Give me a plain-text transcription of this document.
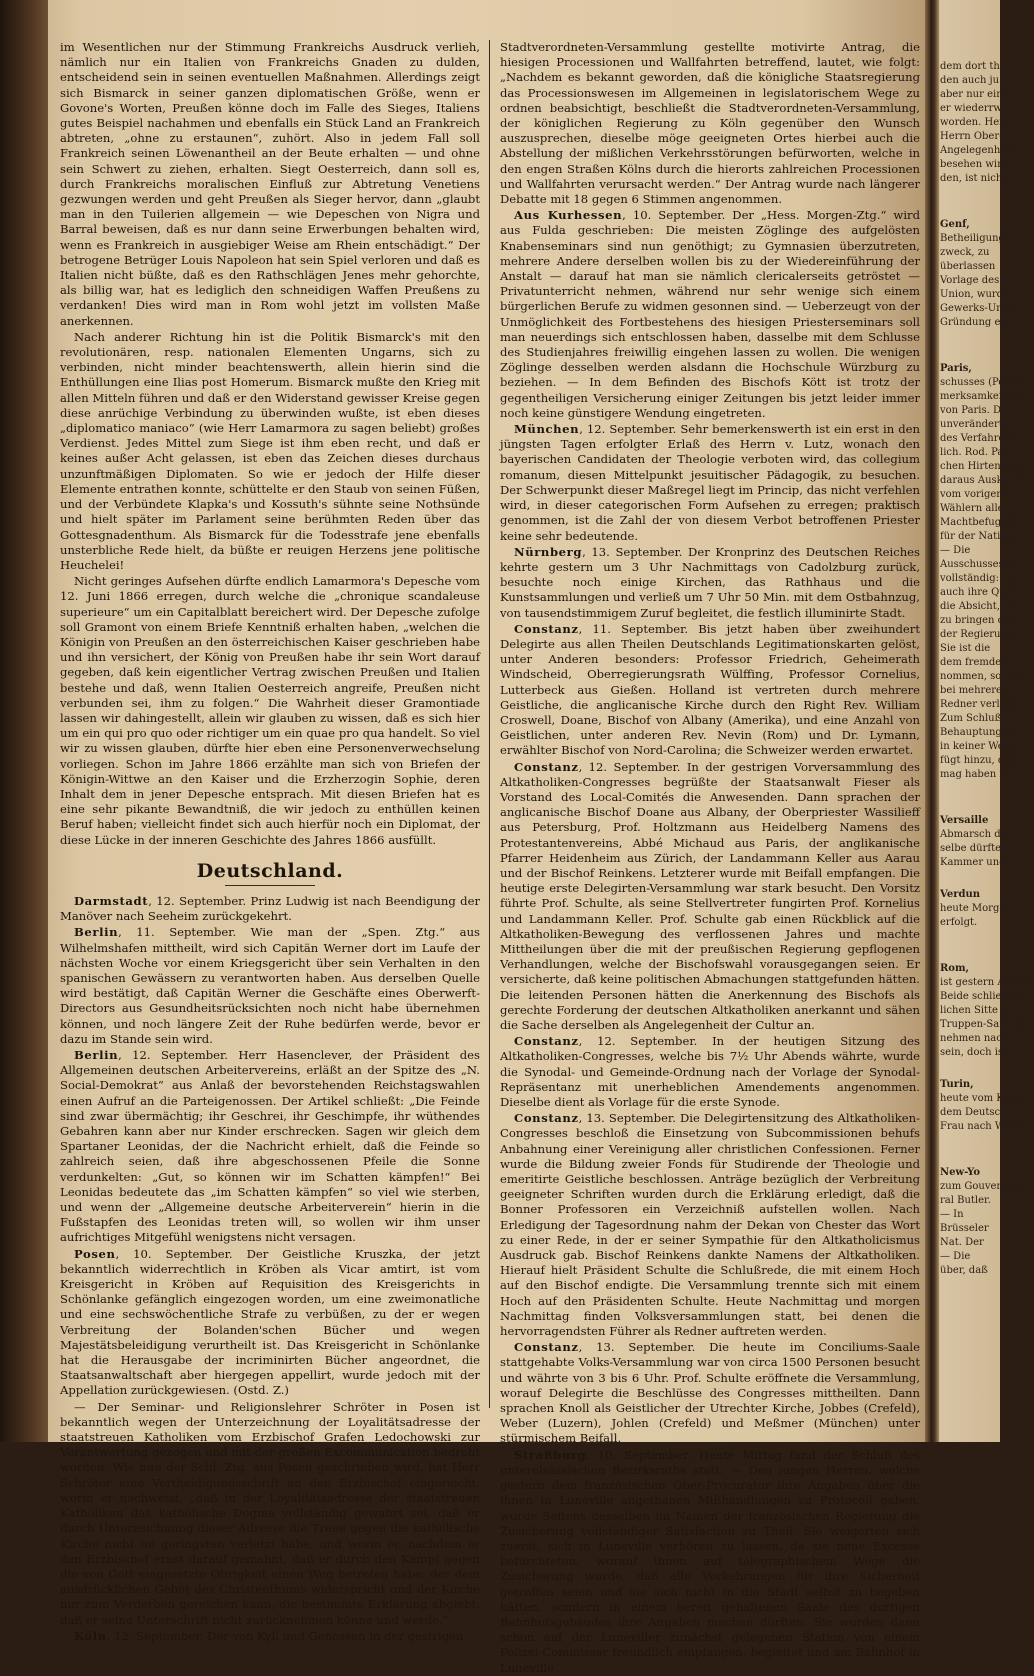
im Wesentlichen nur der Stimmung Frankreichs Ausdruck verlieh, nämlich nur ein Italien von Frankreichs Gnaden zu dulden, entscheidend sein in seinen eventuellen Maßnahmen. Allerdings zeigt sich Bismarck in seiner ganzen diplomatischen Größe, wenn er Govone's Worten, Preußen könne doch im Falle des Sieges, Italiens gutes Beispiel nachahmen und ebenfalls ein Stück Land an Frankreich abtreten, „ohne zu erstaunen“, zuhört. Also in jedem Fall soll Frankreich seinen Löwenantheil an der Beute erhalten — und ohne sein Schwert zu ziehen, erhalten. Siegt Oesterreich, dann soll es, durch Frankreichs moralischen Einfluß zur Abtretung Venetiens gezwungen werden und geht Preußen als Sieger hervor, dann „glaubt man in den Tuilerien allgemein — wie Depeschen von Nigra und Barral beweisen, daß es nur dann seine Erwerbungen behalten wird, wenn es Frankreich in ausgiebiger Weise am Rhein entschädigt.“ Der betrogene Betrüger Louis Napoleon hat sein Spiel verloren und daß es Italien nicht büßte, daß es den Rathschlägen Jenes mehr gehorchte, als billig war, hat es lediglich den schneidigen Waffen Preußens zu verdanken! Dies wird man in Rom wohl jetzt im vollsten Maße anerkennen.

Nach anderer Richtung hin ist die Politik Bismarck's mit den revolutionären, resp. nationalen Elementen Ungarns, sich zu verbinden, nicht minder beachtenswerth, allein hierin sind die Enthüllungen eine Ilias post Homerum. Bismarck mußte den Krieg mit allen Mitteln führen und daß er den Widerstand gewisser Kreise gegen diese anrüchige Verbindung zu überwinden wußte, ist eben dieses „diplomatico maniaco“ (wie Herr Lamarmora zu sagen beliebt) großes Verdienst. Jedes Mittel zum Siege ist ihm eben recht, und daß er keines außer Acht gelassen, ist eben das Zeichen dieses durchaus unzunftmäßigen Diplomaten. So wie er jedoch der Hilfe dieser Elemente entrathen konnte, schüttelte er den Staub von seinen Füßen, und der Verbündete Klapka's und Kossuth's sühnte seine Nothsünde und hielt später im Parlament seine berühmten Reden über das Gottesgnadenthum. Als Bismarck für die Todesstrafe jene ebenfalls unsterbliche Rede hielt, da büßte er reuigen Herzens jene politische Heuchelei!

Nicht geringes Aufsehen dürfte endlich Lamarmora's Depesche vom 12. Juni 1866 erregen, durch welche die „chronique scandaleuse superieure“ um ein Capitalblatt bereichert wird. Der Depesche zufolge soll Gramont von einem Briefe Kenntniß erhalten haben, „welchen die Königin von Preußen an den österreichischen Kaiser geschrieben habe und ihn versichert, der König von Preußen habe ihr sein Wort darauf gegeben, daß kein eigentlicher Vertrag zwischen Preußen und Italien bestehe und daß, wenn Italien Oesterreich angreife, Preußen nicht verbunden sei, ihm zu folgen.“ Die Wahrheit dieser Gramontiade lassen wir dahingestellt, allein wir glauben zu wissen, daß es sich hier um ein qui pro quo oder richtiger um ein quae pro qua handelt. So viel wir zu wissen glauben, dürfte hier eben eine Personenverwechselung vorliegen. Schon im Jahre 1866 erzählte man sich von Briefen der Königin-Wittwe an den Kaiser und die Erzherzogin Sophie, deren Inhalt dem in jener Depesche entsprach. Mit diesen Briefen hat es eine sehr pikante Bewandtniß, die wir jedoch zu enthüllen keinen Beruf haben; vielleicht findet sich auch hierfür noch ein Diplomat, der diese Lücke in der inneren Geschichte des Jahres 1866 ausfüllt.

Deutschland.

Darmstadt, 12. September. Prinz Ludwig ist nach Beendigung der Manöver nach Seeheim zurückgekehrt.

Berlin, 11. September. Wie man der „Spen. Ztg.“ aus Wilhelmshafen mittheilt, wird sich Capitän Werner dort im Laufe der nächsten Woche vor einem Kriegsgericht über sein Verhalten in den spanischen Gewässern zu verantworten haben. Aus derselben Quelle wird bestätigt, daß Capitän Werner die Geschäfte eines Oberwerft-Directors aus Gesundheitsrücksichten noch nicht habe übernehmen können, und noch längere Zeit der Ruhe bedürfen werde, bevor er dazu im Stande sein wird.

Berlin, 12. September. Herr Hasenclever, der Präsident des Allgemeinen deutschen Arbeitervereins, erläßt an der Spitze des „N. Social-Demokrat“ aus Anlaß der bevorstehenden Reichstagswahlen einen Aufruf an die Parteigenossen. Der Artikel schließt: „Die Feinde sind zwar übermächtig; ihr Geschrei, ihr Geschimpfe, ihr wüthendes Gebahren kann aber nur Kinder erschrecken. Sagen wir gleich dem Spartaner Leonidas, der die Nachricht erhielt, daß die Feinde so zahlreich seien, daß ihre abgeschossenen Pfeile die Sonne verdunkelten: „Gut, so können wir im Schatten kämpfen!“ Bei Leonidas bedeutete das „im Schatten kämpfen“ so viel wie sterben, und wenn der „Allgemeine deutsche Arbeiterverein“ hierin in die Fußstapfen des Leonidas treten will, so wollen wir ihm unser aufrichtiges Mitgefühl wenigstens nicht versagen.

Posen, 10. September. Der Geistliche Kruszka, der jetzt bekanntlich widerrechtlich in Kröben als Vicar amtirt, ist vom Kreisgericht in Kröben auf Requisition des Kreisgerichts in Schönlanke gefänglich eingezogen worden, um eine zweimonatliche und eine sechswöchentliche Strafe zu verbüßen, zu der er wegen Verbreitung der Bolanden'schen Bücher und wegen Majestätsbeleidigung verurtheilt ist. Das Kreisgericht in Schönlanke hat die Herausgabe der incriminirten Bücher angeordnet, die Staatsanwaltschaft aber hiergegen appellirt, wurde jedoch mit der Appellation zurückgewiesen. (Ostd. Z.)

— Der Seminar- und Religionslehrer Schröter in Posen ist bekanntlich wegen der Unterzeichnung der Loyalitätsadresse der staatstreuen Katholiken vom Erzbischof Grafen Ledochowski zur Verantwortung gezogen und mit der großen Excommunication bedroht worden. Wie nun der Schl. Ztg. aus Posen geschrieben wird, hat Herr Schröter eine Vertheidigungsschrift an den Erzbischof eingereicht, worin er nachweist, „daß in der Loyalitätsadresse der staatstreuen Katholiken das katholische Dogma vollständig gewahrt sei, daß er durch Unterzeichnung dieser Adresse die Treue gegen die katholische Kirche nicht im geringsten verletzt habe, und worin er, nachdem er den Erzbischof ernst darauf gemahnt, daß er durch den Kampf gegen die von Gott eingesetzte Obrigkeit einen Weg betreten habe, der dem ausdrücklichen Gebot des Christenthums widerspricht und der Kirche nur zum Verderben gereichen kann, die bestimmte Erklärung abgiebt, daß er seine Unterschrift nicht zurücknehmen könne und werde.“

Köln, 12. September. Der von Kyll und Genossen in der gestrigen

Stadtverordneten-Versammlung gestellte motivirte Antrag, die hiesigen Processionen und Wallfahrten betreffend, lautet, wie folgt: „Nachdem es bekannt geworden, daß die königliche Staatsregierung das Processionswesen im Allgemeinen in legislatorischem Wege zu ordnen beabsichtigt, beschließt die Stadtverordneten-Versammlung, der königlichen Regierung zu Köln gegenüber den Wunsch auszusprechen, dieselbe möge geeigneten Ortes hierbei auch die Abstellung der mißlichen Verkehrsstörungen befürworten, welche in den engen Straßen Kölns durch die hierorts zahlreichen Processionen und Wallfahrten verursacht werden.“ Der Antrag wurde nach längerer Debatte mit 18 gegen 6 Stimmen angenommen.

Aus Kurhessen, 10. September. Der „Hess. Morgen-Ztg.“ wird aus Fulda geschrieben: Die meisten Zöglinge des aufgelösten Knabenseminars sind nun genöthigt; zu Gymnasien überzutreten, mehrere Andere derselben wollen bis zu der Wiedereinführung der Anstalt — darauf hat man sie nämlich clericalerseits getröstet — Privatunterricht nehmen, während nur sehr wenige sich einem bürgerlichen Berufe zu widmen gesonnen sind. — Ueberzeugt von der Unmöglichkeit des Fortbestehens des hiesigen Priesterseminars soll man neuerdings sich entschlossen haben, dasselbe mit dem Schlusse des Studienjahres freiwillig eingehen lassen zu wollen. Die wenigen Zöglinge desselben werden alsdann die Hochschule Würzburg zu beziehen. — In dem Befinden des Bischofs Kött ist trotz der gegentheiligen Versicherung einiger Zeitungen bis jetzt leider immer noch keine günstigere Wendung eingetreten.

München, 12. September. Sehr bemerkenswerth ist ein erst in den jüngsten Tagen erfolgter Erlaß des Herrn v. Lutz, wonach den bayerischen Candidaten der Theologie verboten wird, das collegium romanum, diesen Mittelpunkt jesuitischer Pädagogik, zu besuchen. Der Schwerpunkt dieser Maßregel liegt im Princip, das nicht verfehlen wird, in dieser categorischen Form Aufsehen zu erregen; praktisch genommen, ist die Zahl der von diesem Verbot betroffenen Priester keine sehr bedeutende.

Nürnberg, 13. September. Der Kronprinz des Deutschen Reiches kehrte gestern um 3 Uhr Nachmittags von Cadolzburg zurück, besuchte noch einige Kirchen, das Rathhaus und die Kunstsammlungen und verließ um 7 Uhr 50 Min. mit dem Ostbahnzug, von tausendstimmigem Zuruf begleitet, die festlich illuminirte Stadt.

Constanz, 11. September. Bis jetzt haben über zweihundert Delegirte aus allen Theilen Deutschlands Legitimationskarten gelöst, unter Anderen besonders: Professor Friedrich, Geheimerath Windscheid, Oberregierungsrath Wülffing, Professor Cornelius, Lutterbeck aus Gießen. Holland ist vertreten durch mehrere Geistliche, die anglicanische Kirche durch den Right Rev. William Croswell, Doane, Bischof von Albany (Amerika), und eine Anzahl von Geistlichen, unter anderen Rev. Nevin (Rom) und Dr. Lymann, erwählter Bischof von Nord-Carolina; die Schweizer werden erwartet.

Constanz, 12. September. In der gestrigen Vorversammlung des Altkatholiken-Congresses begrüßte der Staatsanwalt Fieser als Vorstand des Local-Comités die Anwesenden. Dann sprachen der anglicanische Bischof Doane aus Albany, der Oberpriester Wassilieff aus Petersburg, Prof. Holtzmann aus Heidelberg Namens des Protestantenvereins, Abbé Michaud aus Paris, der anglikanische Pfarrer Heidenheim aus Zürich, der Landammann Keller aus Aarau und der Bischof Reinkens. Letzterer wurde mit Beifall empfangen. Die heutige erste Delegirten-Versammlung war stark besucht. Den Vorsitz führte Prof. Schulte, als seine Stellvertreter fungirten Prof. Kornelius und Landammann Keller. Prof. Schulte gab einen Rückblick auf die Altkatholiken-Bewegung des verflossenen Jahres und machte Mittheilungen über die mit der preußischen Regierung gepflogenen Verhandlungen, welche der Bischofswahl vorausgegangen seien. Er versicherte, daß keine politischen Abmachungen stattgefunden hätten. Die leitenden Personen hätten die Anerkennung des Bischofs als gerechte Forderung der deutschen Altkatholiken anerkannt und sähen die Sache derselben als Angelegenheit der Cultur an.

Constanz, 12. September. In der heutigen Sitzung des Altkatholiken-Congresses, welche bis 7½ Uhr Abends währte, wurde die Synodal- und Gemeinde-Ordnung nach der Vorlage der Synodal-Repräsentanz mit unerheblichen Amendements angenommen. Dieselbe dient als Vorlage für die erste Synode.

Constanz, 13. September. Die Delegirtensitzung des Altkatholiken-Congresses beschloß die Einsetzung von Subcommissionen behufs Anbahnung einer Vereinigung aller christlichen Confessionen. Ferner wurde die Bildung zweier Fonds für Studirende der Theologie und emeritirte Geistliche beschlossen. Anträge bezüglich der Verbreitung geeigneter Schriften wurden durch die Erklärung erledigt, daß die Bonner Professoren ein Verzeichniß aufstellen wollen. Nach Erledigung der Tagesordnung nahm der Dekan von Chester das Wort zu einer Rede, in der er seiner Sympathie für den Altkatholicismus Ausdruck gab. Bischof Reinkens dankte Namens der Altkatholiken. Hierauf hielt Präsident Schulte die Schlußrede, die mit einem Hoch auf den Bischof endigte. Die Versammlung trennte sich mit einem Hoch auf den Präsidenten Schulte. Heute Nachmittag und morgen Nachmittag finden Volksversammlungen statt, bei denen die hervorragendsten Führer als Redner auftreten werden.

Constanz, 13. September. Die heute im Conciliums-Saale stattgehabte Volks-Versammlung war von circa 1500 Personen besucht und währte von 3 bis 6 Uhr. Prof. Schulte eröffnete die Versammlung, worauf Delegirte die Beschlüsse des Congresses mittheilten. Dann sprachen Knoll als Geistlicher der Utrechter Kirche, Jobbes (Crefeld), Weber (Luzern), Johlen (Crefeld) und Meßmer (München) unter stürmischem Beifall.

Straßburg, 10. September. Heute Mittag fand der Schluß des unterelsässischen Bezirksraths statt. — Den jungen Herren, welche gestern dem französischen Ober-Procurator ihre Angaben über die ihnen in Luneville angethanen Mißhandlungen zu Protocoll gaben, wurde Seitens desselben im Namen der französischen Regierung die Zusicherung vollständiger Satisfaction zu Theil. Sie weigerten sich zuerst, sich in Luneville verhören zu lassen, da sie neue Excesse befürchteten, worauf ihnen auf telegraphischem Wege die Zusicherung wurde, daß alle Vorkehrungen für ihre Sicherheit getroffen seien und sie sich nicht in die Stadt selbst zu begeben hätten, sondern in einem bereit gehaltenen Saale des dortigen Bahnhofsgebäudes ihre Angaben machen dürften. Sie wurden dann schon auf der Luneviller zunächst gelegenen Station von einem Polizei-Commissar freundlich empfangen, begleitet und am Bahnhof in Luneville

dem dort th
den auch ju
aber nur eine
er wiederrw
worden. Herr
Herrn Ober-
Angelegenheit
besehen wird
den, ist nicht

Genf,
Betheiligung
zweck, zu
überlassen
Vorlage des
Union, wurde
Gewerks-Union
Gründung ein

Paris,
schusses (Perma
merksamkeit des
von Paris. D
unveränderte
des Verfahrens
lich. Rod. Par
chen Hirtenbrie
daraus Auskunft
vom vorigem
Wählern alle
Machtbefugniß
für der Nationa
— Die
Ausschusses in
vollständig: Die
auch ihre Quell
die Absicht, in
zu bringen ober
der Regierung
Sie ist die
dem fremden
nommen, so wie
bei mehreren
Redner verlesen
Zum Schluß
Behauptungen
in keiner Weise
fügt hinzu, daß
mag haben in d

Versaille
Abmarsch der
selbe dürfte
Kammer und
Verdun
heute Morgen
erfolgt.

Rom,
ist gestern Abend
Beide schließen
lichen Sitte an
Truppen-Sammlun
nehmen nach,
sein, doch ist
Turin,
heute vom König
dem Deutschen
Frau nach Wien

New-Yo
zum Gouverneur
ral Butler.
— In
Brüsseler
Nat. Der
— Die
über, daß
